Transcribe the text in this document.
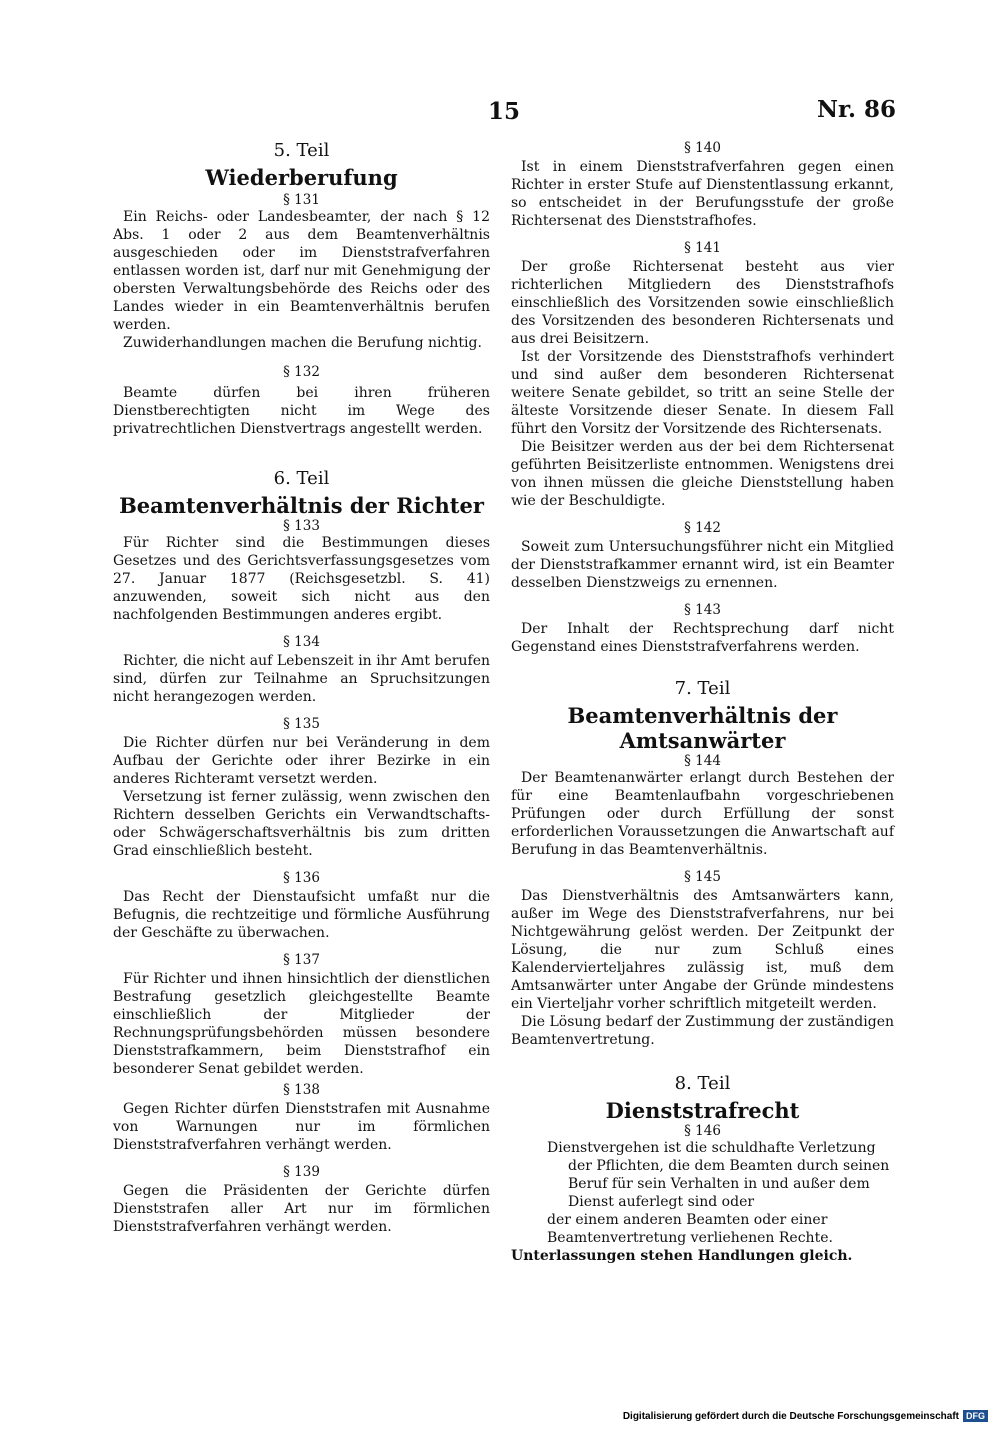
15	Nr. 86
5. Teil
Wiederberufung
§ 131

Ein Reichs- oder Landesbeamter, der nach § 12 Abs. 1 oder 2 aus dem Beamtenverhältnis ausgeschieden oder im Dienststrafverfahren entlassen worden ist, darf nur mit Genehmigung der obersten Verwaltungsbehörde des Reichs oder des Landes wieder in ein Beamtenverhältnis berufen werden.

Zuwiderhandlungen machen die Berufung nichtig.

§ 132

Beamte dürfen bei ihren früheren Dienstberechtigten nicht im Wege des privatrechtlichen Dienstvertrags angestellt werden.

6. Teil
Beamtenverhältnis der Richter
§ 133

Für Richter sind die Bestimmungen dieses Gesetzes und des Gerichtsverfassungsgesetzes vom 27. Januar 1877 (Reichsgesetzbl. S. 41) anzuwenden, soweit sich nicht aus den nachfolgenden Bestimmungen anderes ergibt.

§ 134

Richter, die nicht auf Lebenszeit in ihr Amt berufen sind, dürfen zur Teilnahme an Spruchsitzungen nicht herangezogen werden.

§ 135

Die Richter dürfen nur bei Veränderung in dem Aufbau der Gerichte oder ihrer Bezirke in ein anderes Richteramt versetzt werden.

Versetzung ist ferner zulässig, wenn zwischen den Richtern desselben Gerichts ein Verwandtschafts- oder Schwägerschaftsverhältnis bis zum dritten Grad einschließlich besteht.

§ 136

Das Recht der Dienstaufsicht umfaßt nur die Befugnis, die rechtzeitige und förmliche Ausführung der Geschäfte zu überwachen.

§ 137

Für Richter und ihnen hinsichtlich der dienstlichen Bestrafung gesetzlich gleichgestellte Beamte einschließlich der Mitglieder der Rechnungsprüfungsbehörden müssen besondere Dienststrafkammern, beim Dienststrafhof ein besonderer Senat gebildet werden.

§ 138

Gegen Richter dürfen Dienststrafen mit Ausnahme von Warnungen nur im förmlichen Dienststrafverfahren verhängt werden.

§ 139

Gegen die Präsidenten der Gerichte dürfen Dienststrafen aller Art nur im förmlichen Dienststrafverfahren verhängt werden.

§ 140

Ist in einem Dienststrafverfahren gegen einen Richter in erster Stufe auf Dienstentlassung erkannt, so entscheidet in der Berufungsstufe der große Richtersenat des Dienststrafhofes.

§ 141

Der große Richtersenat besteht aus vier richterlichen Mitgliedern des Dienststrafhofs einschließlich des Vorsitzenden sowie einschließlich des Vorsitzenden des besonderen Richtersenats und aus drei Beisitzern.

Ist der Vorsitzende des Dienststrafhofs verhindert und sind außer dem besonderen Richtersenat weitere Senate gebildet, so tritt an seine Stelle der älteste Vorsitzende dieser Senate. In diesem Fall führt den Vorsitz der Vorsitzende des Richtersenats.

Die Beisitzer werden aus der bei dem Richtersenat geführten Beisitzerliste entnommen. Wenigstens drei von ihnen müssen die gleiche Dienststellung haben wie der Beschuldigte.

§ 142

Soweit zum Untersuchungsführer nicht ein Mitglied der Dienststrafkammer ernannt wird, ist ein Beamter desselben Dienstzweigs zu ernennen.

§ 143

Der Inhalt der Rechtsprechung darf nicht Gegenstand eines Dienststrafverfahrens werden.

7. Teil
Beamtenverhältnis der Amtsanwärter
§ 144

Der Beamtenanwärter erlangt durch Bestehen der für eine Beamtenlaufbahn vorgeschriebenen Prüfungen oder durch Erfüllung der sonst erforderlichen Voraussetzungen die Anwartschaft auf Berufung in das Beamtenverhältnis.

§ 145

Das Dienstverhältnis des Amtsanwärters kann, außer im Wege des Dienststrafverfahrens, nur bei Nichtgewährung gelöst werden. Der Zeitpunkt der Lösung, die nur zum Schluß eines Kalendervierteljahres zulässig ist, muß dem Amtsanwärter unter Angabe der Gründe mindestens ein Vierteljahr vorher schriftlich mitgeteilt werden.

Die Lösung bedarf der Zustimmung der zuständigen Beamtenvertretung.

8. Teil
Dienststrafrecht
§ 146
Dienstvergehen ist die schuldhafte Verletzung
der Pflichten, die dem Beamten durch seinen Beruf für sein Verhalten in und außer dem Dienst auferlegt sind oder
der einem anderen Beamten oder einer Beamtenvertretung verliehenen Rechte.
Unterlassungen stehen Handlungen gleich.
Digitalisierung gefördert durch die Deutsche Forschungsgemeinschaft DFG
